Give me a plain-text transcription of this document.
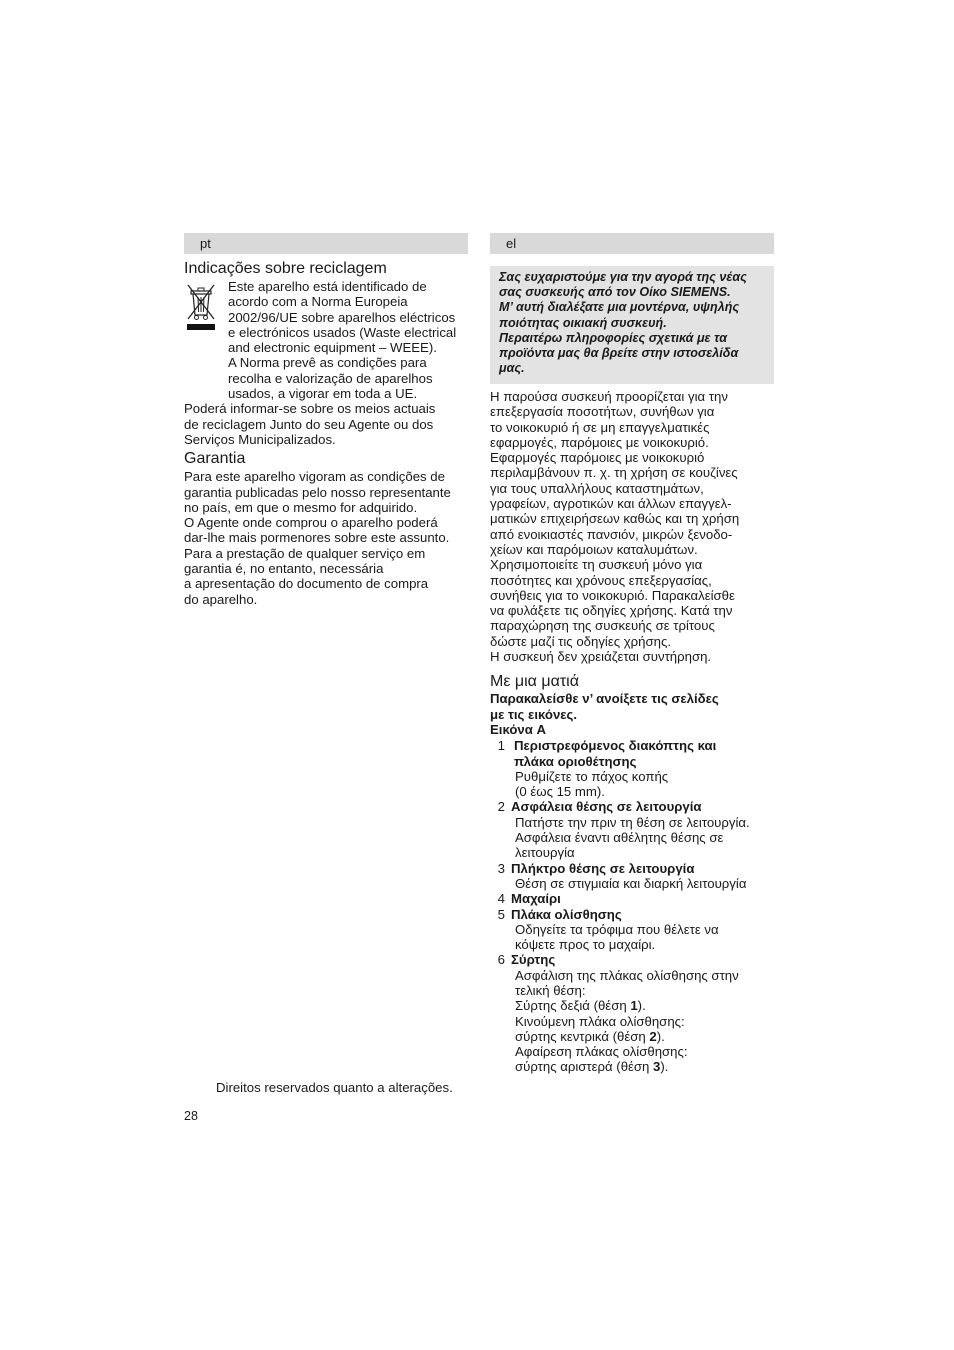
pt	el
Indicações sobre reciclagem

Este aparelho está identificado de

acordo com a Norma Europeia

2002/96/UE sobre aparelhos eléctricos

e electrónicos usados (Waste electrical

and electronic equipment – WEEE).

A Norma prevê as condições para

recolha e valorização de aparelhos

usados, a vigorar em toda a UE.

Poderá informar-se sobre os meios actuais

de reciclagem Junto do seu Agente ou dos

Serviços Municipalizados.

Garantia

Para este aparelho vigoram as condições de

garantia publicadas pelo nosso representante

no país, em que o mesmo for adquirido.

O Agente onde comprou o aparelho poderá

dar-lhe mais pormenores sobre este assunto.

Para a prestação de qualquer serviço em

garantia é, no entanto, necessária

a apresentação do documento de compra

do aparelho.

Direitos reservados quanto a alterações.
28

Σας ευχαριστούμε για την αγορά της νέας

σας συσκευής από τον Οίκο SIEMENS.

Μ’ αυτή διαλέξατε μια μοντέρνα, υψηλής

ποιότητας οικιακή συσκευή.

Περαιτέρω πληροφορίες σχετικά με τα

προϊόντα μας θα βρείτε στην ιστοσελίδα

μας.

Η παρούσα συσκευή προορίζεται για την

επεξεργασία ποσοτήτων, συνήθων για

το νοικοκυριό ή σε μη επαγγελματικές

εφαρμογές, παρόμοιες με νοικοκυριό.

Εφαρμογές παρόμοιες με νοικοκυριό

περιλαμβάνουν π. χ. τη χρήση σε κουζίνες

για τους υπαλλήλους καταστημάτων,

γραφείων, αγροτικών και άλλων επαγγελ-

ματικών επιχειρήσεων καθώς και τη χρήση

από ενοικιαστές πανσιόν, μικρών ξενοδο-

χείων και παρόμοιων καταλυμάτων.

Χρησιμοποιείτε τη συσκευή μόνο για

ποσότητες και χρόνους επεξεργασίας,

συνήθεις για το νοικοκυριό. Παρακαλείσθε

να φυλάξετε τις οδηγίες χρήσης. Κατά την

παραχώρηση της συσκευής σε τρίτους

δώστε μαζί τις οδηγίες χρήσης.

Η συσκευή δεν χρειάζεται συντήρηση.

Με μια ματιά

Παρακαλείσθε ν’ ανοίξετε τις σελίδες

με τις εικόνες.

Εικόνα A

1 Περιστρεφόμενος διακόπτης και
πλάκα οριοθέτησης

Ρυθμίζετε το πάχος κοπής

(0 έως 15 mm).

2 Ασφάλεια θέσης σε λειτουργία

Πατήστε την πριν τη θέση σε λειτουργία.

Ασφάλεια έναντι αθέλητης θέσης σε

λειτουργία

3 Πλήκτρο θέσης σε λειτουργία

Θέση σε στιγμιαία και διαρκή λειτουργία

4 Μαχαίρι
5 Πλάκα ολίσθησης

Οδηγείτε τα τρόφιμα που θέλετε να

κόψετε προς το μαχαίρι.

6 Σύρτης

Ασφάλιση της πλάκας ολίσθησης στην

τελική θέση:

Σύρτης δεξιά (θέση 1).

Κινούμενη πλάκα ολίσθησης:

σύρτης κεντρικά (θέση 2).

Αφαίρεση πλάκας ολίσθησης:

σύρτης αριστερά (θέση 3).
